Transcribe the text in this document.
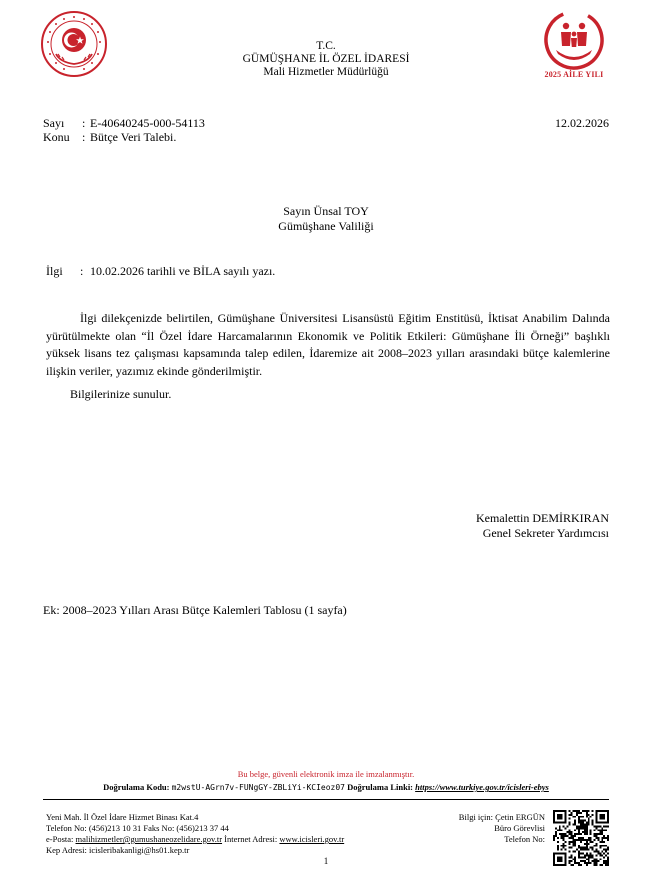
2025 AİLE YILI
T.C.
GÜMÜŞHANE İL ÖZEL İDARESİ
Mali Hizmetler Müdürlüğü
Sayı : E-40640245-000-54113
Konu : Bütçe Veri Talebi.
12.02.2026
Sayın Ünsal TOY
Gümüşhane Valiliği
İlgi : 10.02.2026 tarihli ve BİLA sayılı yazı.
İlgi dilekçenizde belirtilen, Gümüşhane Üniversitesi Lisansüstü Eğitim Enstitüsü, İktisat Anabilim Dalında yürütülmekte olan “İl Özel İdare Harcamalarının Ekonomik ve Politik Etkileri: Gümüşhane İli Örneği” başlıklı yüksek lisans tez çalışması kapsamında talep edilen, İdaremize ait 2008–2023 yılları arasındaki bütçe kalemlerine ilişkin veriler, yazımız ekinde gönderilmiştir.
Bilgilerinize sunulur.
Kemalettin DEMİRKIRAN
Genel Sekreter Yardımcısı
Ek: 2008–2023 Yılları Arası Bütçe Kalemleri Tablosu (1 sayfa)
Bu belge, güvenli elektronik imza ile imzalanmıştır.
Doğrulama Kodu: m2wstU-AGrn7v-FUNgGY-ZBLiYi-KCIeoz07 Doğrulama Linki: https://www.turkiye.gov.tr/icisleri-ebys
Yeni Mah. İl Özel İdare Hizmet Binası Kat.4
Telefon No: (456)213 10 31 Faks No: (456)213 37 44
e-Posta: malihizmetler@gumushaneozelidare.gov.tr İnternet Adresi: www.icisleri.gov.tr
Kep Adresi: icisleribakanligi@hs01.kep.tr
Bilgi için: Çetin ERGÜN
Büro Görevlisi
Telefon No:
1
